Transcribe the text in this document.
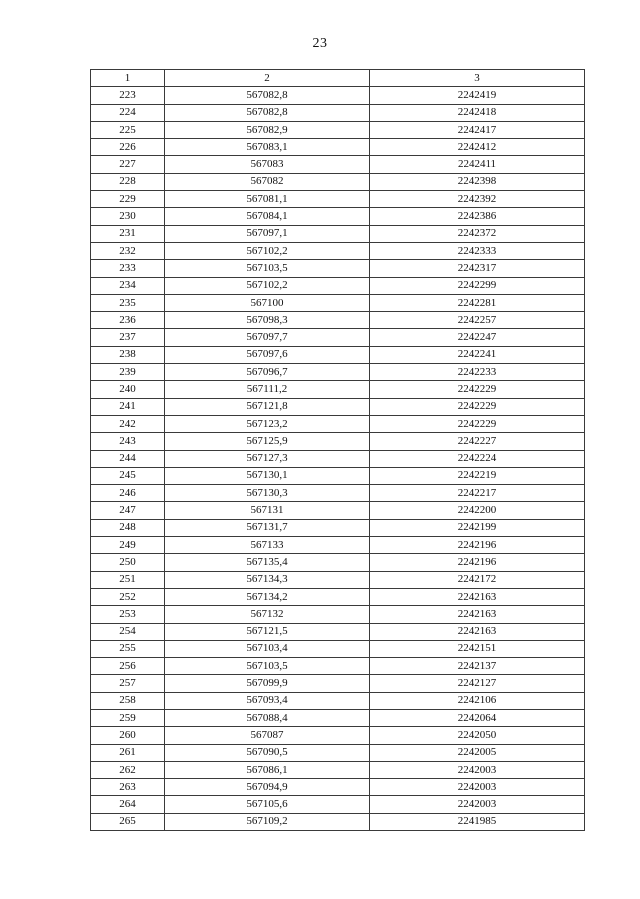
23
1	2	3
223	567082,8	2242419
224	567082,8	2242418
225	567082,9	2242417
226	567083,1	2242412
227	567083	2242411
228	567082	2242398
229	567081,1	2242392
230	567084,1	2242386
231	567097,1	2242372
232	567102,2	2242333
233	567103,5	2242317
234	567102,2	2242299
235	567100	2242281
236	567098,3	2242257
237	567097,7	2242247
238	567097,6	2242241
239	567096,7	2242233
240	567111,2	2242229
241	567121,8	2242229
242	567123,2	2242229
243	567125,9	2242227
244	567127,3	2242224
245	567130,1	2242219
246	567130,3	2242217
247	567131	2242200
248	567131,7	2242199
249	567133	2242196
250	567135,4	2242196
251	567134,3	2242172
252	567134,2	2242163
253	567132	2242163
254	567121,5	2242163
255	567103,4	2242151
256	567103,5	2242137
257	567099,9	2242127
258	567093,4	2242106
259	567088,4	2242064
260	567087	2242050
261	567090,5	2242005
262	567086,1	2242003
263	567094,9	2242003
264	567105,6	2242003
265	567109,2	2241985
